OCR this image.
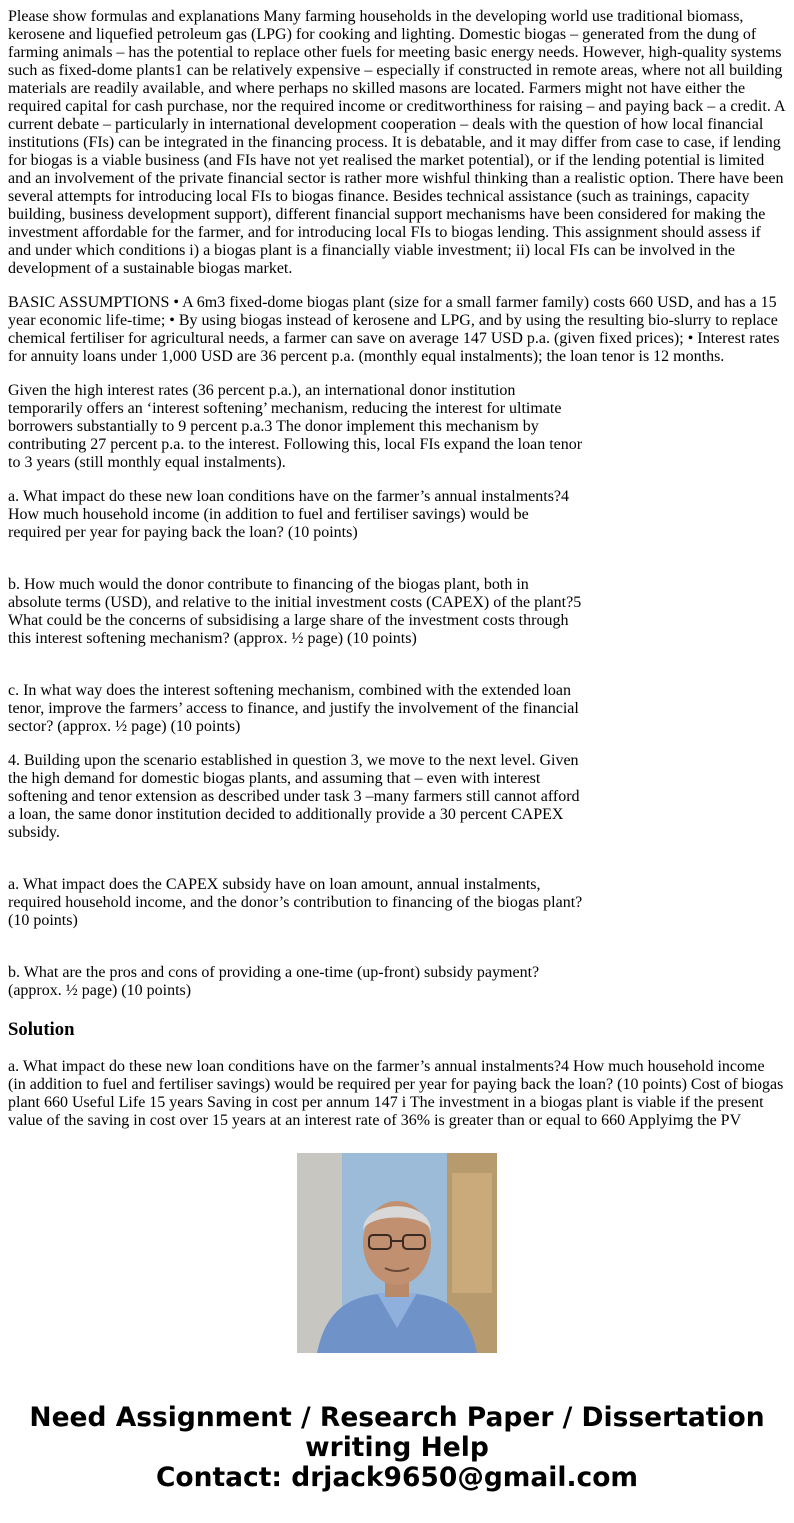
Please show formulas and explanations Many farming households in the developing world use traditional biomass, kerosene and liquefied petroleum gas (LPG) for cooking and lighting. Domestic biogas – generated from the dung of farming animals – has the potential to replace other fuels for meeting basic energy needs. However, high-quality systems such as fixed-dome plants1 can be relatively expensive – especially if constructed in remote areas, where not all building materials are readily available, and where perhaps no skilled masons are located. Farmers might not have either the required capital for cash purchase, nor the required income or creditworthiness for raising – and paying back – a credit. A current debate – particularly in international development cooperation – deals with the question of how local financial institutions (FIs) can be integrated in the financing process. It is debatable, and it may differ from case to case, if lending for biogas is a viable business (and FIs have not yet realised the market potential), or if the lending potential is limited and an involvement of the private financial sector is rather more wishful thinking than a realistic option. There have been several attempts for introducing local FIs to biogas finance. Besides technical assistance (such as trainings, capacity building, business development support), different financial support mechanisms have been considered for making the investment affordable for the farmer, and for introducing local FIs to biogas lending. This assignment should assess if and under which conditions i) a biogas plant is a financially viable investment; ii) local FIs can be involved in the development of a sustainable biogas market.

BASIC ASSUMPTIONS • A 6m3 fixed-dome biogas plant (size for a small farmer family) costs 660 USD, and has a 15 year economic life-time; • By using biogas instead of kerosene and LPG, and by using the resulting bio-slurry to replace chemical fertiliser for agricultural needs, a farmer can save on average 147 USD p.a. (given fixed prices); • Interest rates for annuity loans under 1,000 USD are 36 percent p.a. (monthly equal instalments); the loan tenor is 12 months.

Given the high interest rates (36 percent p.a.), an international donor institution temporarily offers an ‘interest softening’ mechanism, reducing the interest for ultimate borrowers substantially to 9 percent p.a.3 The donor implement this mechanism by contributing 27 percent p.a. to the interest. Following this, local FIs expand the loan tenor to 3 years (still monthly equal instalments).

a. What impact do these new loan conditions have on the farmer’s annual instalments?4 How much household income (in addition to fuel and fertiliser savings) would be required per year for paying back the loan? (10 points)

b. How much would the donor contribute to financing of the biogas plant, both in absolute terms (USD), and relative to the initial investment costs (CAPEX) of the plant?5 What could be the concerns of subsidising a large share of the investment costs through this interest softening mechanism? (approx. ½ page) (10 points)

c. In what way does the interest softening mechanism, combined with the extended loan tenor, improve the farmers’ access to finance, and justify the involvement of the financial sector? (approx. ½ page) (10 points)

4. Building upon the scenario established in question 3, we move to the next level. Given the high demand for domestic biogas plants, and assuming that – even with interest softening and tenor extension as described under task 3 –many farmers still cannot afford a loan, the same donor institution decided to additionally provide a 30 percent CAPEX subsidy.

a. What impact does the CAPEX subsidy have on loan amount, annual instalments, required household income, and the donor’s contribution to financing of the biogas plant? (10 points)

b. What are the pros and cons of providing a one-time (up-front) subsidy payment? (approx. ½ page) (10 points)

Solution

a. What impact do these new loan conditions have on the farmer’s annual instalments?4 How much household income (in addition to fuel and fertiliser savings) would be required per year for paying back the loan? (10 points) Cost of biogas plant 660 Useful Life 15 years Saving in cost per annum 147 i The investment in a biogas plant is viable if the present value of the saving in cost over 15 years at an interest rate of 36% is greater than or equal to 660 Applyimg the PV

Need Assignment / Research Paper / Dissertation
writing Help
Contact: drjack9650@gmail.com
